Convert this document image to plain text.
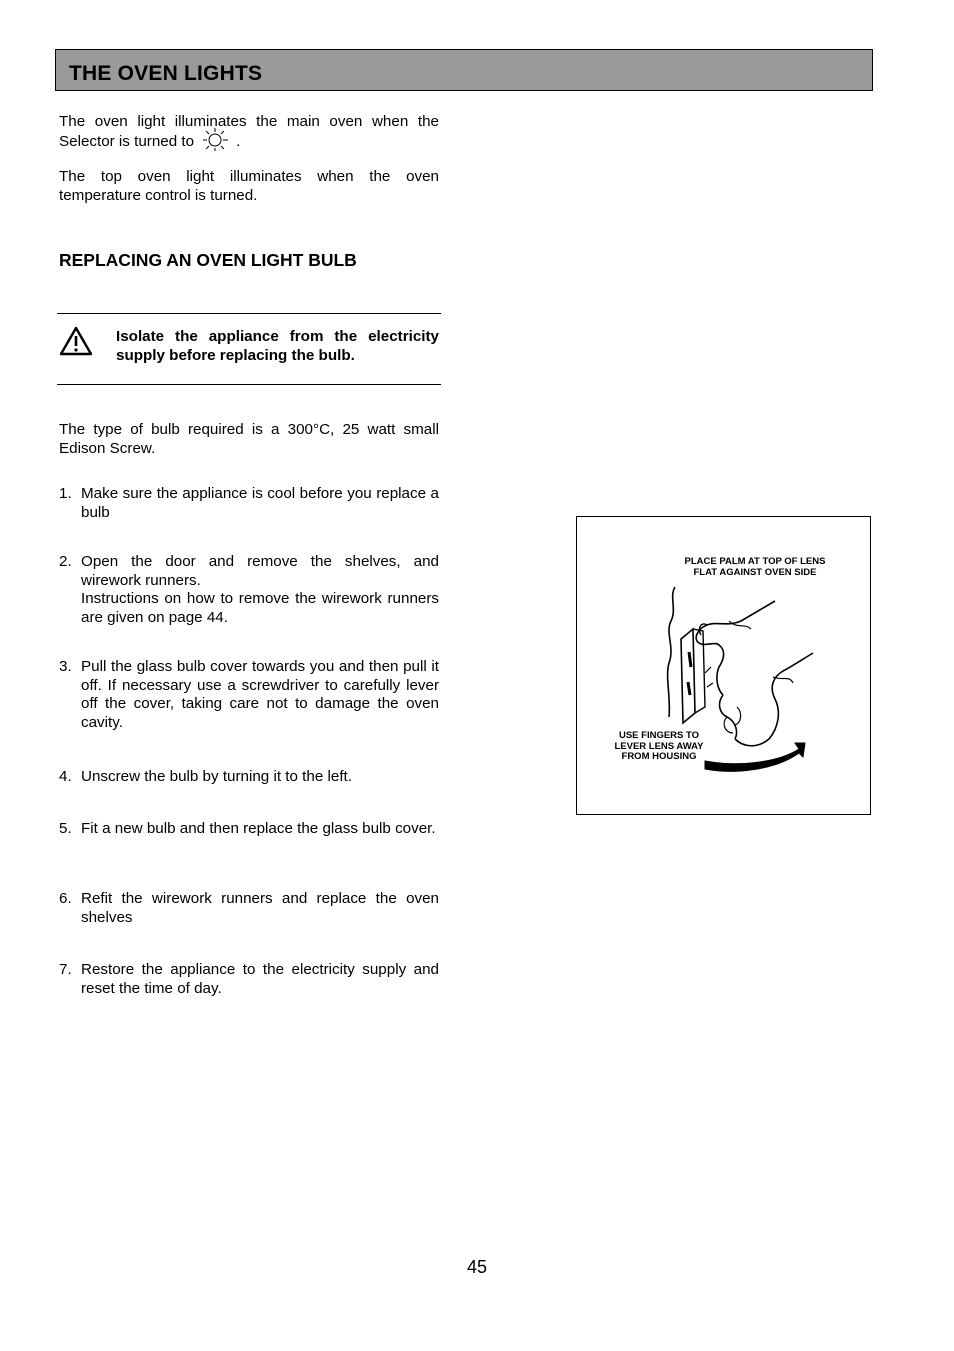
THE OVEN LIGHTS
The oven light illuminates the main oven when the Selector is turned to	.
The top oven light illuminates when the oven temperature control is turned.
REPLACING AN OVEN LIGHT BULB
Isolate the appliance from the electricity supply before replacing the bulb.
The type of bulb required is a 300°C, 25 watt small Edison Screw.
1. Make sure the appliance is cool before you replace a bulb
2. Open the door and remove the shelves, and wirework runners.
Instructions on how to remove the wirework runners are given on page 44.
3. Pull the glass bulb cover towards you and then pull it off. If necessary use a screwdriver to carefully lever off the cover, taking care not to damage the oven cavity.
4. Unscrew the bulb by turning it to the left.
5. Fit a new bulb and then replace the glass bulb cover.
6. Refit the wirework runners and replace the oven shelves
7. Restore the appliance to the electricity supply and reset the time of day.
PLACE PALM AT TOP OF LENS
FLAT AGAINST OVEN SIDE
USE FINGERS TO
LEVER LENS AWAY
FROM HOUSING
45
